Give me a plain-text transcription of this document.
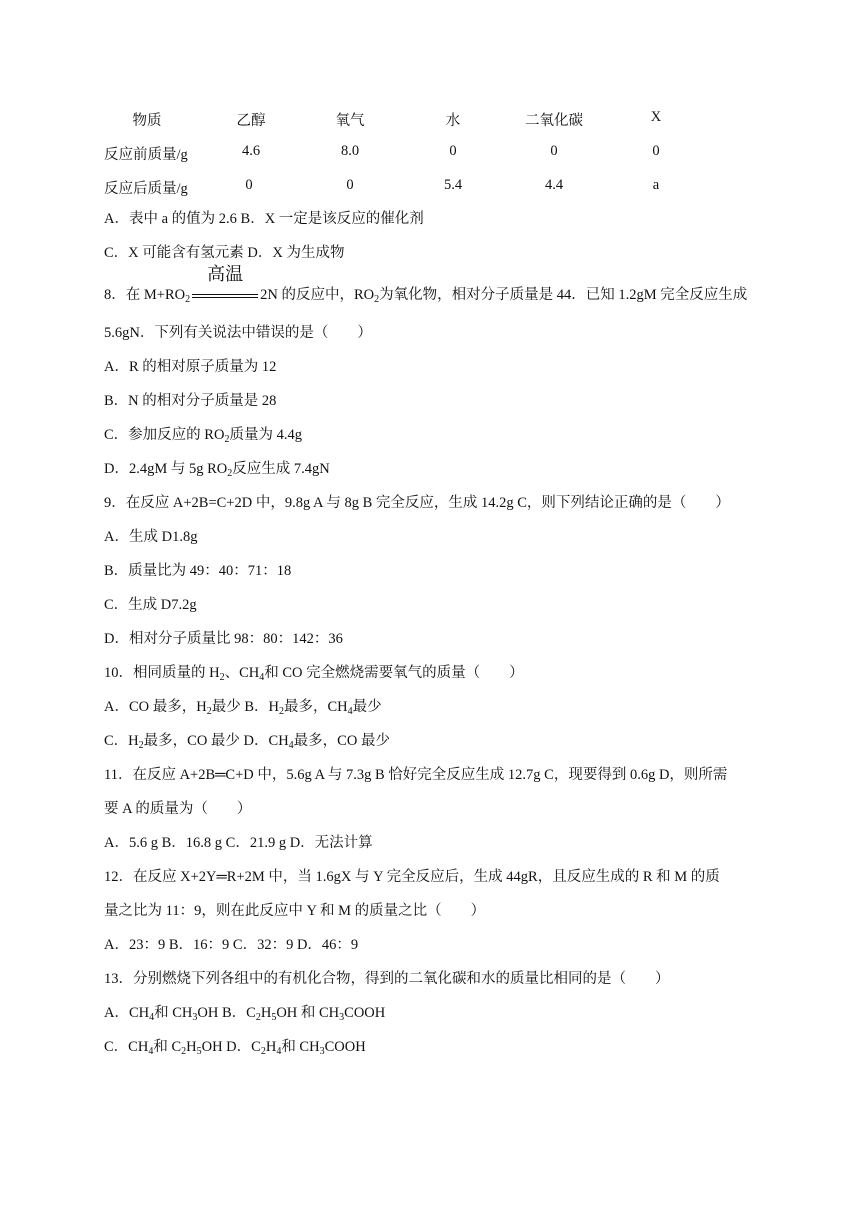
物质	乙醇	氧气	水	二氧化碳	X
反应前质量/g	4.6	8.0	0	0	0
反应后质量/g	0	0	5.4	4.4	a
A．表中 a 的值为 2.6 B．X 一定是该反应的催化剂
C．X 可能含有氢元素 D．X 为生成物
8．在 $M+RO_2$
高温
2N 的反应中，$RO_2$为氧化物，相对分子质量是 44．已知 1.2gM 完全反应生成
5.6gN．下列有关说法中错误的是（　　）
A．R 的相对原子质量为 12
B．N 的相对分子质量是 28
C．参加反应的 $RO_2$质量为 4.4g
D．2.4gM 与 5g $RO_2$反应生成 7.4gN
9．在反应 A+2B=C+2D 中，9.8g A 与 8g B 完全反应，生成 14.2g C，则下列结论正确的是（　　）
A．生成 D1.8g
B．质量比为 49：40：71：18
C．生成 D7.2g
D．相对分子质量比 98：80：142：36
10．相同质量的 $H_2$、$CH_4$和 CO 完全燃烧需要氧气的质量（　　）
A．CO 最多，$H_2$最少 B．$H_2$最多，$CH_4$最少
C．$H_2$最多，CO 最少 D．$CH_4$最多，CO 最少
11．在反应 A+2B═C+D 中，5.6g A 与 7.3g B 恰好完全反应生成 12.7g C，现要得到 0.6g D，则所需
要 A 的质量为（　　）
A．5.6 g B．16.8 g C．21.9 g D．无法计算
12．在反应 X+2Y═R+2M 中，当 1.6gX 与 Y 完全反应后，生成 44gR，且反应生成的 R 和 M 的质
量之比为 11：9，则在此反应中 Y 和 M 的质量之比（　　）
A．23：9 B．16：9 C．32：9 D．46：9
13．分别燃烧下列各组中的有机化合物，得到的二氧化碳和水的质量比相同的是（　　）
A．$CH_4$和 $CH_3OH$ B．$C_2H_5OH$ 和 $CH_3COOH$
C．$CH_4$和 $C_2H_5OH$ D．$C_2H_4$和 $CH_3COOH$
